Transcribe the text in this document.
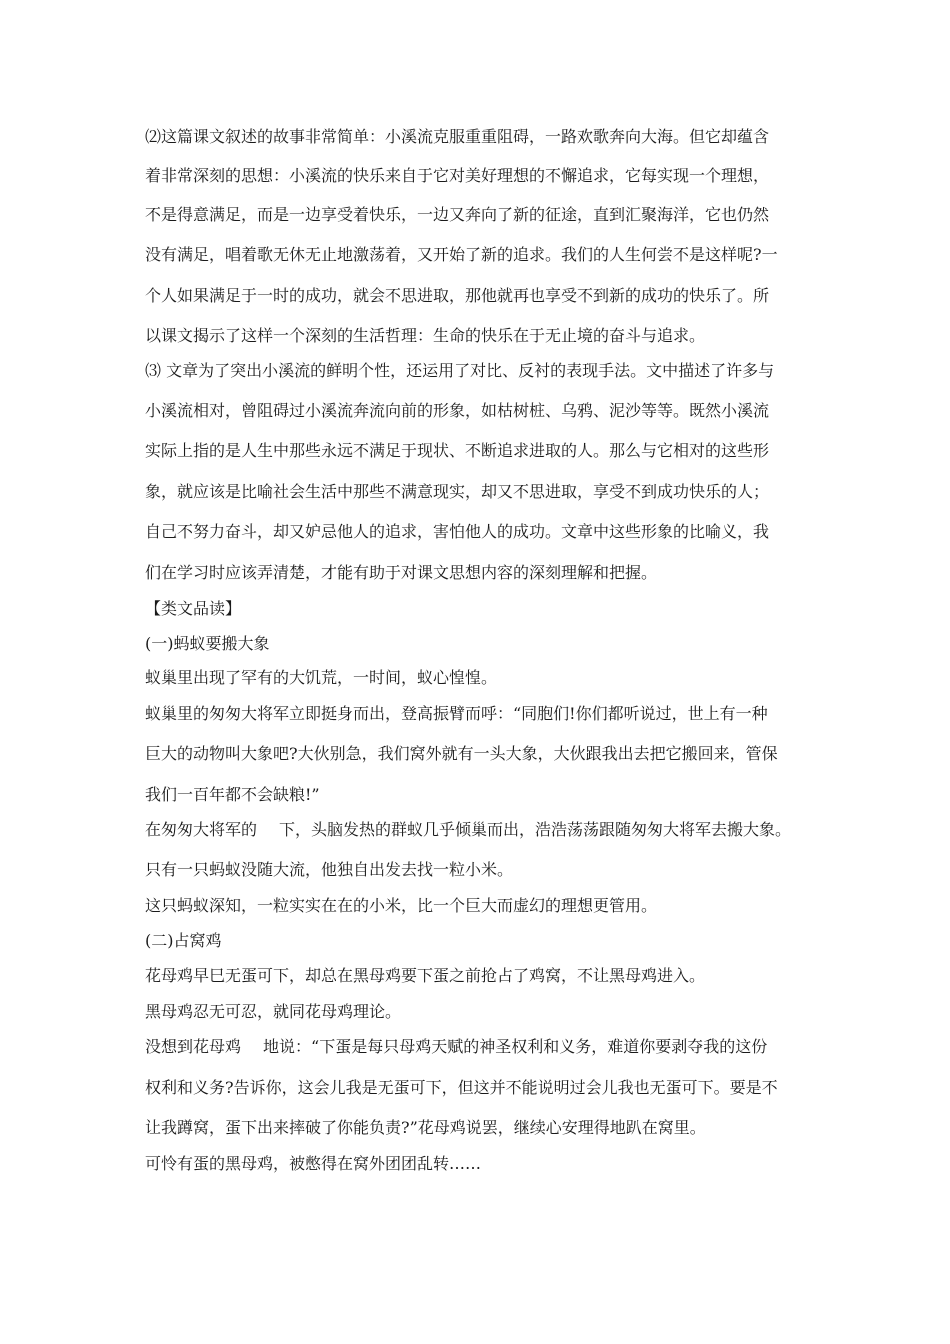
⑵这篇课文叙述的故事非常简单：小溪流克服重重阻碍，一路欢歌奔向大海。但它却蕴含
着非常深刻的思想：小溪流的快乐来自于它对美好理想的不懈追求，它每实现一个理想，
不是得意满足，而是一边享受着快乐，一边又奔向了新的征途，直到汇聚海洋，它也仍然
没有满足，唱着歌无休无止地激荡着，又开始了新的追求。我们的人生何尝不是这样呢?一
个人如果满足于一时的成功，就会不思进取，那他就再也享受不到新的成功的快乐了。所
以课文揭示了这样一个深刻的生活哲理：生命的快乐在于无止境的奋斗与追求。
⑶ 文章为了突出小溪流的鲜明个性，还运用了对比、反衬的表现手法。文中描述了许多与
小溪流相对，曾阻碍过小溪流奔流向前的形象，如枯树桩、乌鸦、泥沙等等。既然小溪流
实际上指的是人生中那些永远不满足于现状、不断追求进取的人。那么与它相对的这些形
象，就应该是比喻社会生活中那些不满意现实，却又不思进取，享受不到成功快乐的人；
自己不努力奋斗，却又妒忌他人的追求，害怕他人的成功。文章中这些形象的比喻义，我
们在学习时应该弄清楚，才能有助于对课文思想内容的深刻理解和把握。
【类文品读】
(一)蚂蚁要搬大象
蚁巢里出现了罕有的大饥荒，一时间，蚁心惶惶。
蚁巢里的匆匆大将军立即挺身而出，登高振臂而呼：“同胞们!你们都听说过，世上有一种
巨大的动物叫大象吧?大伙别急，我们窝外就有一头大象，大伙跟我出去把它搬回来，管保
我们一百年都不会缺粮!”
在匆匆大将军的 下，头脑发热的群蚁几乎倾巢而出，浩浩荡荡跟随匆匆大将军去搬大象。
只有一只蚂蚁没随大流，他独自出发去找一粒小米。
这只蚂蚁深知，一粒实实在在的小米，比一个巨大而虚幻的理想更管用。
(二)占窝鸡
花母鸡早巳无蛋可下，却总在黑母鸡要下蛋之前抢占了鸡窝，不让黑母鸡进入。
黑母鸡忍无可忍，就同花母鸡理论。
没想到花母鸡 地说：“下蛋是每只母鸡天赋的神圣权利和义务，难道你要剥夺我的这份
权利和义务?告诉你，这会儿我是无蛋可下，但这并不能说明过会儿我也无蛋可下。要是不
让我蹲窝，蛋下出来摔破了你能负责?”花母鸡说罢，继续心安理得地趴在窝里。
可怜有蛋的黑母鸡，被憋得在窝外团团乱转……
